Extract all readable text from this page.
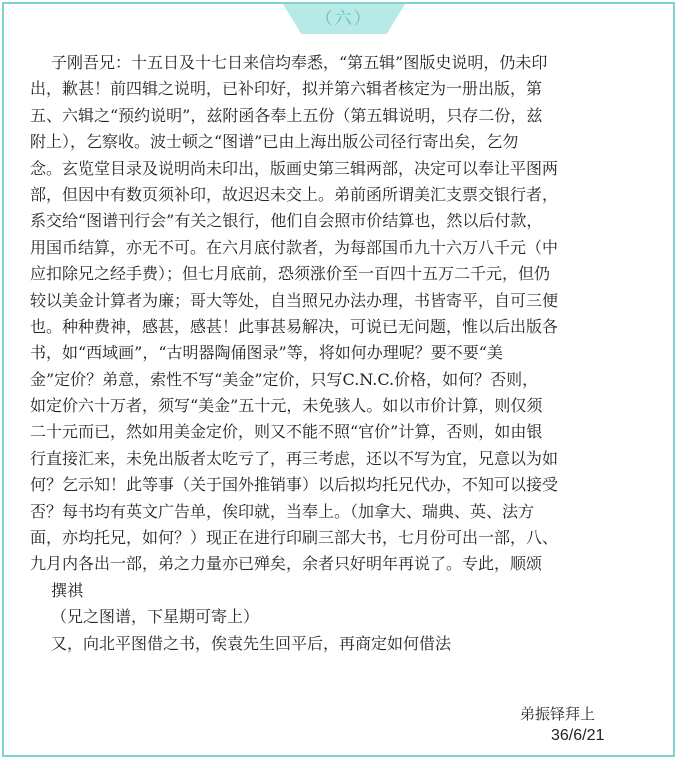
（六）
子刚吾兄：十五日及十七日来信均奉悉，“第五辑”图版史说明，仍未印
出，歉甚！前四辑之说明，已补印好，拟并第六辑者核定为一册出版，第
五、六辑之“预约说明”，兹附函各奉上五份（第五辑说明，只存二份，兹
附上），乞察收。波士顿之“图谱”已由上海出版公司径行寄出矣，乞勿
念。玄览堂目录及说明尚未印出，版画史第三辑两部，决定可以奉让平图两
部，但因中有数页须补印，故迟迟未交上。弟前函所谓美汇支票交银行者，
系交给“图谱刊行会”有关之银行，他们自会照市价结算也，然以后付款，
用国币结算，亦无不可。在六月底付款者，为每部国币九十六万八千元（中
应扣除兄之经手费）；但七月底前，恐须涨价至一百四十五万二千元，但仍
较以美金计算者为廉；哥大等处，自当照兄办法办理，书皆寄平，自可三便
也。种种费神，感甚，感甚！此事甚易解决，可说已无问题，惟以后出版各
书，如“西域画”，“古明器陶俑图录”等，将如何办理呢？要不要“美
金”定价？弟意，索性不写“美金”定价，只写C.N.C.价格，如何？否则，
如定价六十万者，须写“美金”五十元，未免骇人。如以市价计算，则仅须
二十元而已，然如用美金定价，则又不能不照“官价”计算，否则，如由银
行直接汇来，未免出版者太吃亏了，再三考虑，还以不写为宜，兄意以为如
何？乞示知！此等事（关于国外推销事）以后拟均托兄代办，不知可以接受
否？每书均有英文广告单，俟印就，当奉上。（加拿大、瑞典、英、法方
面，亦均托兄，如何？）现正在进行印刷三部大书，七月份可出一部，八、
九月内各出一部，弟之力量亦已殚矣，余者只好明年再说了。专此，顺颂
撰祺
（兄之图谱，下星期可寄上）
又，向北平图借之书，俟袁先生回平后，再商定如何借法
弟振铎拜上
36/6/21
